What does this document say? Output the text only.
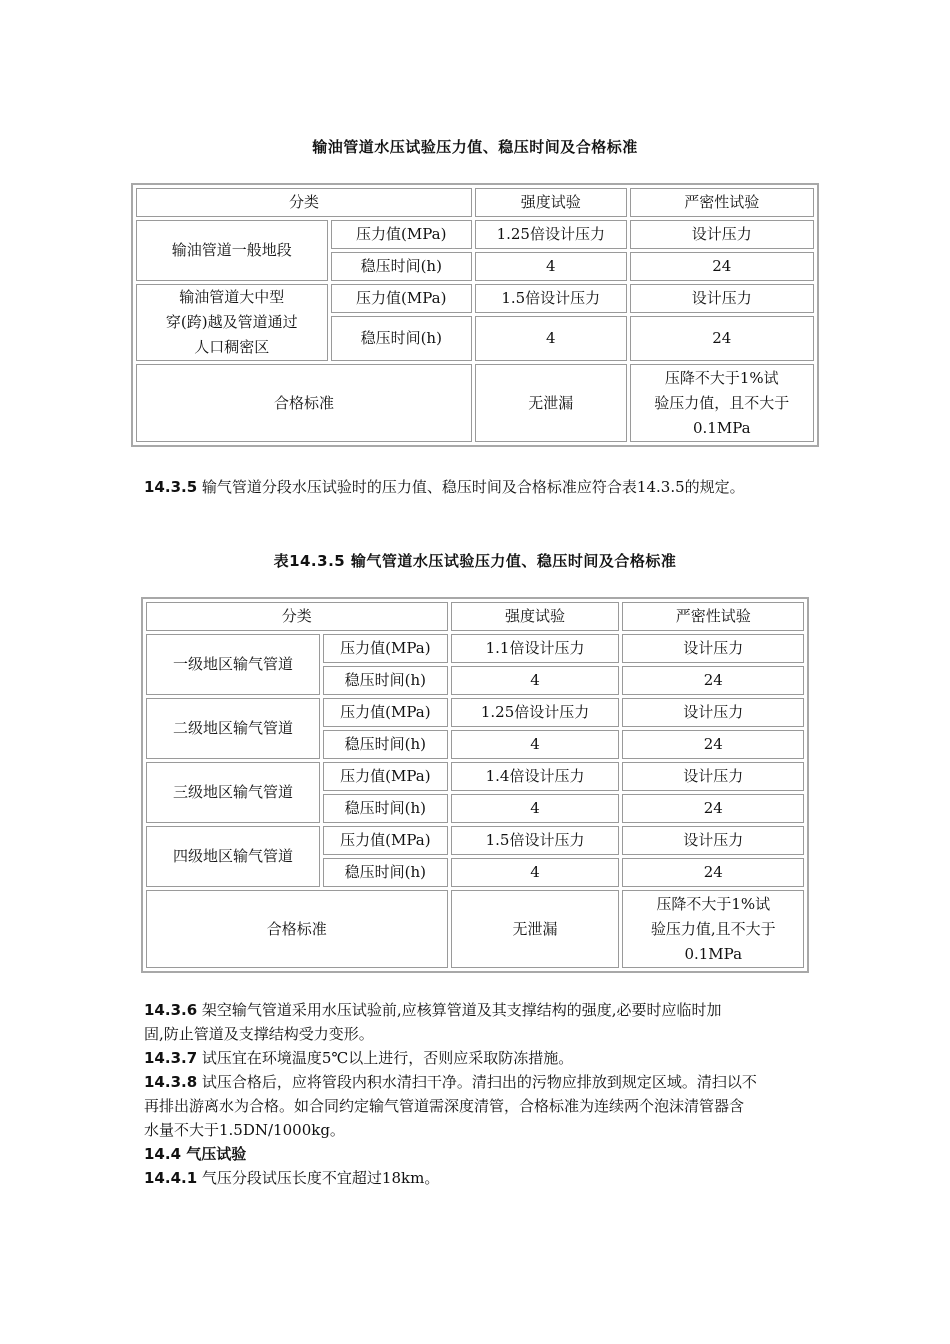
输油管道水压试验压力值、稳压时间及合格标准
分类		强度试验	严密性试验
输油管道一般地段	压力值(MPa)	1.25倍设计压力	设计压力
	稳压时间(h)	4	24

输油管道大中型
穿(跨)越及管道通过
人口稠密区	压力值(MPa)	1.5倍设计压力	设计压力
	稳压时间(h)	4	24
合格标准		无泄漏	压降不大于1%试
验压力值，且不大于
0.1MPa
14.3.5 输气管道分段水压试验时的压力值、稳压时间及合格标准应符合表14.3.5的规定。
表14.3.5 输气管道水压试验压力值、稳压时间及合格标准
分类		强度试验	严密性试验
一级地区输气管道	压力值(MPa)	1.1倍设计压力	设计压力
	稳压时间(h)	4	24
二级地区输气管道	压力值(MPa)	1.25倍设计压力	设计压力
	稳压时间(h)	4	24
三级地区输气管道	压力值(MPa)	1.4倍设计压力	设计压力
	稳压时间(h)	4	24
四级地区输气管道	压力值(MPa)	1.5倍设计压力	设计压力
	稳压时间(h)	4	24
合格标准		无泄漏	压降不大于1%试
验压力值,且不大于
0.1MPa
14.3.6 架空输气管道采用水压试验前,应核算管道及其支撑结构的强度,必要时应临时加
固,防止管道及支撑结构受力变形。
14.3.7 试压宜在环境温度5℃以上进行，否则应采取防冻措施。
14.3.8 试压合格后，应将管段内积水清扫干净。清扫出的污物应排放到规定区域。清扫以不
再排出游离水为合格。如合同约定输气管道需深度清管，合格标准为连续两个泡沫清管器含
水量不大于1.5DN/1000kg。
14.4 气压试验
14.4.1 气压分段试压长度不宜超过18km。
